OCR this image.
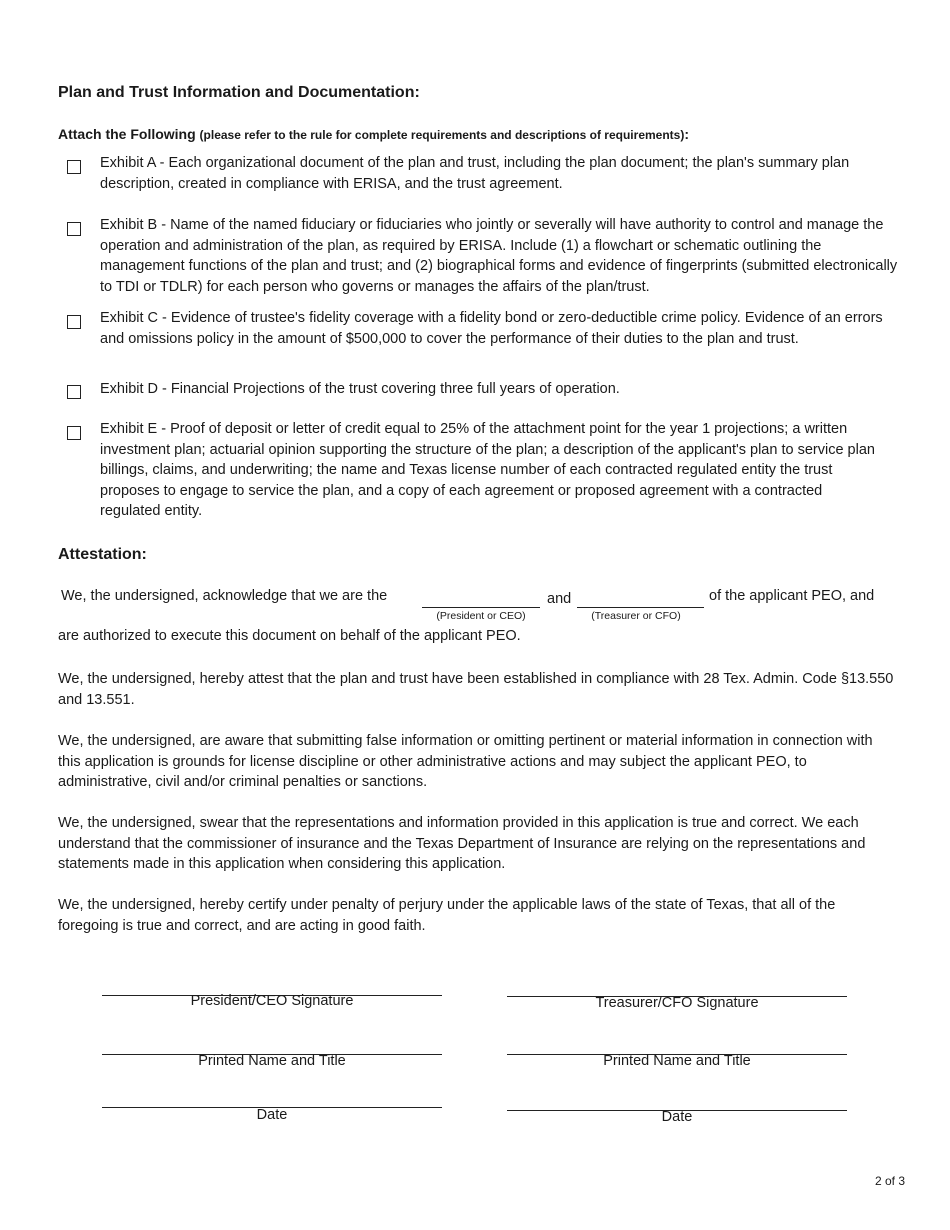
Plan and Trust Information and Documentation:
Attach the Following (please refer to the rule for complete requirements and descriptions of requirements):
Exhibit A - Each organizational document of the plan and trust, including the plan document; the plan's summary plan description, created in compliance with ERISA, and the trust agreement.
Exhibit B - Name of the named fiduciary or fiduciaries who jointly or severally will have authority to control and manage the operation and administration of the plan, as required by ERISA. Include (1) a flowchart or schematic outlining the management functions of the plan and trust; and (2) biographical forms and evidence of fingerprints (submitted electronically to TDI or TDLR) for each person who governs or manages the affairs of the plan/trust.
Exhibit C - Evidence of trustee's fidelity coverage with a fidelity bond or zero-deductible crime policy. Evidence of an errors and omissions policy in the amount of $500,000 to cover the performance of their duties to the plan and trust.
Exhibit D - Financial Projections of the trust covering three full years of operation.
Exhibit E - Proof of deposit or letter of credit equal to 25% of the attachment point for the year 1 projections; a written investment plan; actuarial opinion supporting the structure of the plan; a description of the applicant's plan to service plan billings, claims, and underwriting; the name and Texas license number of each contracted regulated entity the trust proposes to engage to service the plan, and a copy of each agreement or proposed agreement with a contracted regulated entity.
Attestation:
We, the undersigned, acknowledge that we are the
(President or CEO)
and
(Treasurer or CFO)
of the applicant PEO, and
are authorized to execute this document on behalf of the applicant PEO.
We, the undersigned, hereby attest that the plan and trust have been established in compliance with 28 Tex. Admin. Code §13.550 and 13.551.
We, the undersigned, are aware that submitting false information or omitting pertinent or material information in connection with this application is grounds for license discipline or other administrative actions and may subject the applicant PEO, to administrative, civil and/or criminal penalties or sanctions.
We, the undersigned, swear that the representations and information provided in this application is true and correct. We each understand that the commissioner of insurance and the Texas Department of Insurance are relying on the representations and statements made in this application when considering this application.
We, the undersigned, hereby certify under penalty of perjury under the applicable laws of the state of Texas, that all of the foregoing is true and correct, and are acting in good faith.
President/CEO Signature	Treasurer/CFO Signature
Printed Name and Title	Printed Name and Title
Date	Date
2 of 3
